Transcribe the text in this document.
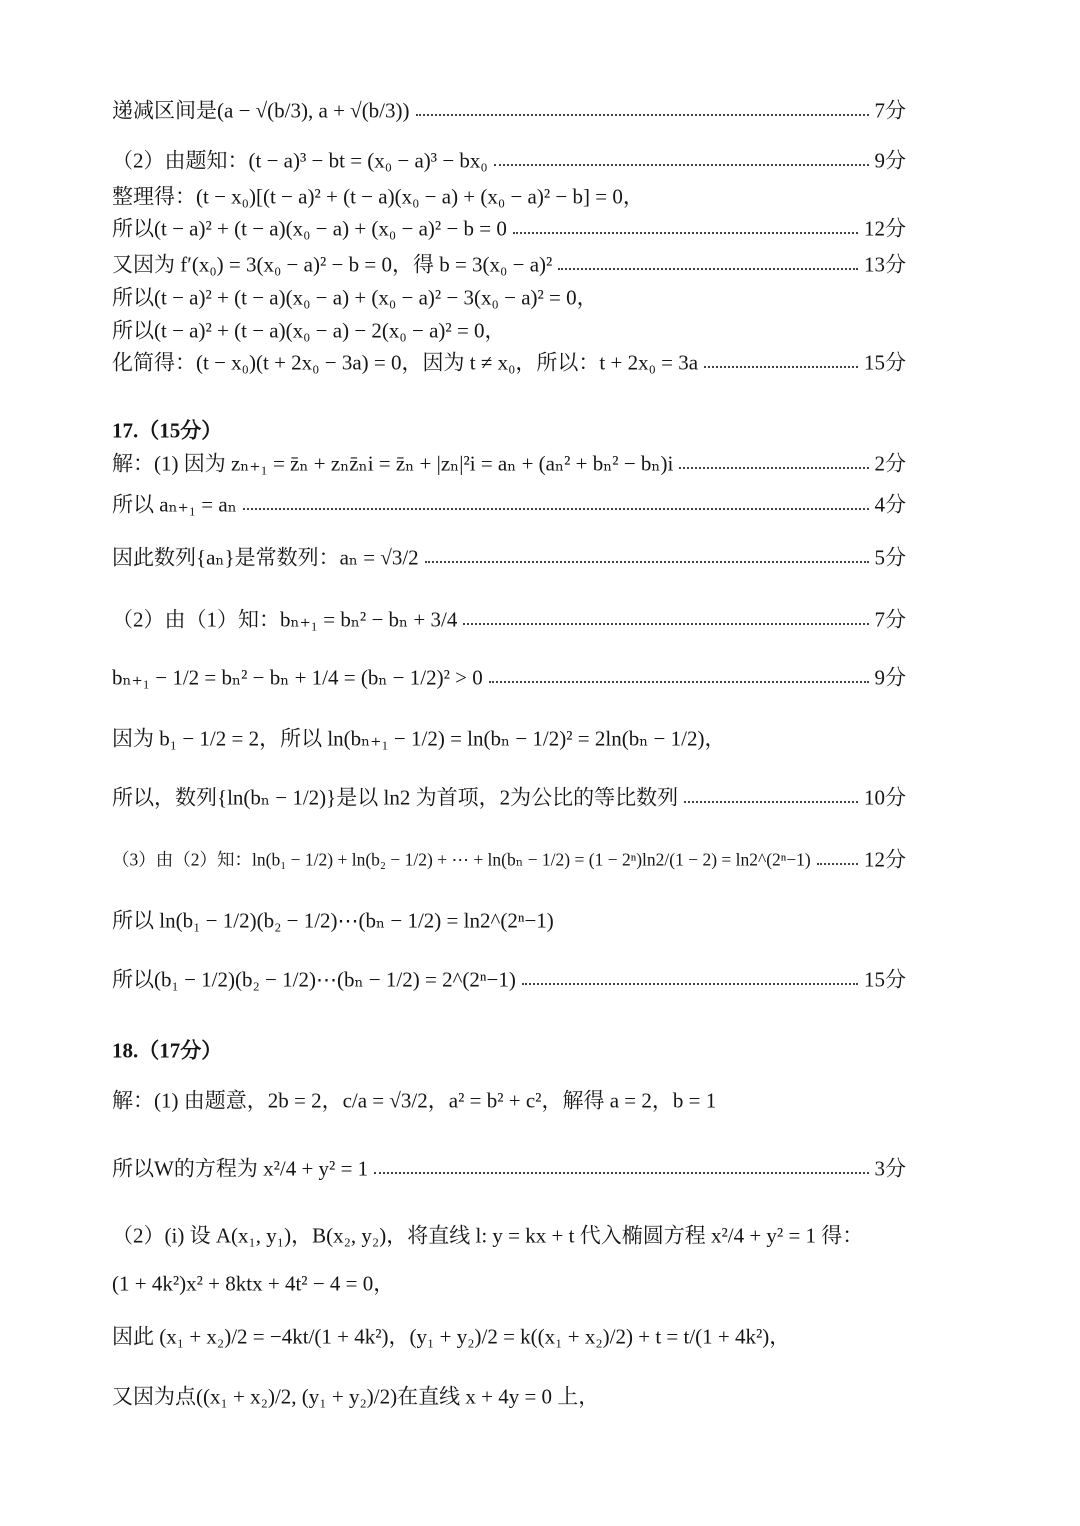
递减区间是(a − √(b/3), a + √(b/3))	7分
（2）由题知：(t − a)³ − bt = (x₀ − a)³ − bx₀	9分
整理得：(t − x₀)[(t − a)² + (t − a)(x₀ − a) + (x₀ − a)² − b] = 0，
所以(t − a)² + (t − a)(x₀ − a) + (x₀ − a)² − b = 0	12分
又因为 f′(x₀) = 3(x₀ − a)² − b = 0，得 b = 3(x₀ − a)²	13分
所以(t − a)² + (t − a)(x₀ − a) + (x₀ − a)² − 3(x₀ − a)² = 0，
所以(t − a)² + (t − a)(x₀ − a) − 2(x₀ − a)² = 0，
化简得：(t − x₀)(t + 2x₀ − 3a) = 0，因为 t ≠ x₀，所以：t + 2x₀ = 3a	15分
17.（15分）
解：(1) 因为 zₙ₊₁ = z̄ₙ + zₙz̄ₙi = z̄ₙ + |zₙ|²i = aₙ + (aₙ² + bₙ² − bₙ)i	2分
所以 aₙ₊₁ = aₙ	4分
因此数列{aₙ}是常数列：aₙ = √3/2	5分
（2）由（1）知：bₙ₊₁ = bₙ² − bₙ + 3/4	7分
bₙ₊₁ − 1/2 = bₙ² − bₙ + 1/4 = (bₙ − 1/2)² > 0	9分
因为 b₁ − 1/2 = 2，所以 ln(bₙ₊₁ − 1/2) = ln(bₙ − 1/2)² = 2ln(bₙ − 1/2)，
所以，数列{ln(bₙ − 1/2)}是以 ln2 为首项，2为公比的等比数列	10分
（3）由（2）知：ln(b₁ − 1/2) + ln(b₂ − 1/2) + ⋯ + ln(bₙ − 1/2) = (1 − 2ⁿ)ln2/(1 − 2) = ln2^(2ⁿ−1)	12分
所以 ln(b₁ − 1/2)(b₂ − 1/2)⋯(bₙ − 1/2) = ln2^(2ⁿ−1)
所以(b₁ − 1/2)(b₂ − 1/2)⋯(bₙ − 1/2) = 2^(2ⁿ−1)	15分
18.（17分）
解：(1) 由题意，2b = 2，c/a = √3/2，a² = b² + c²，解得 a = 2，b = 1
所以W的方程为 x²/4 + y² = 1	3分
（2）(i) 设 A(x₁, y₁)，B(x₂, y₂)，将直线 l: y = kx + t 代入椭圆方程 x²/4 + y² = 1 得：
(1 + 4k²)x² + 8ktx + 4t² − 4 = 0，
因此 (x₁ + x₂)/2 = −4kt/(1 + 4k²)，(y₁ + y₂)/2 = k((x₁ + x₂)/2) + t = t/(1 + 4k²)，
又因为点((x₁ + x₂)/2, (y₁ + y₂)/2)在直线 x + 4y = 0 上，
